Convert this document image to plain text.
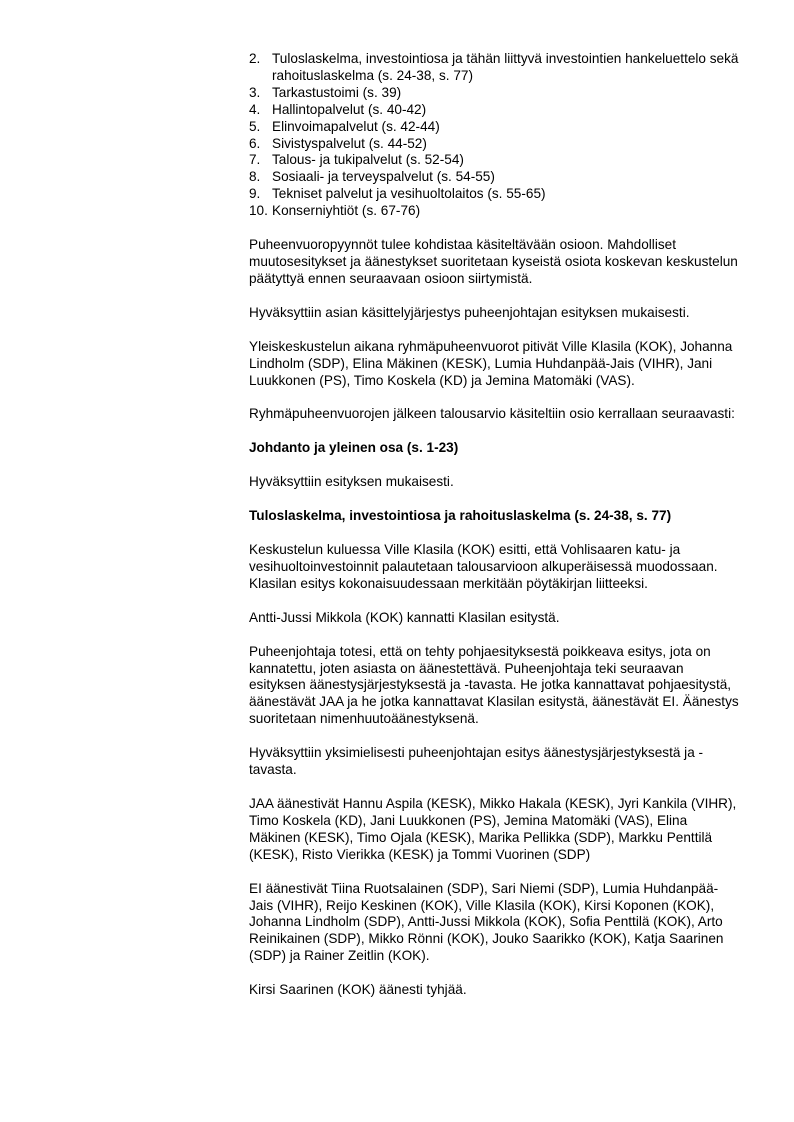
2. Tuloslaskelma, investointiosa ja tähän liittyvä investointien hankeluettelo sekä rahoituslaskelma (s. 24-38, s. 77)
3. Tarkastustoimi (s. 39)
4. Hallintopalvelut (s. 40-42)
5. Elinvoimapalvelut (s. 42-44)
6. Sivistyspalvelut (s. 44-52)
7. Talous- ja tukipalvelut (s. 52-54)
8. Sosiaali- ja terveyspalvelut (s. 54-55)
9. Tekniset palvelut ja vesihuoltolaitos (s. 55-65)
10. Konserniyhtiöt (s. 67-76)

Puheenvuoropyynnöt tulee kohdistaa käsiteltävään osioon. Mahdolliset muutosesitykset ja äänestykset suoritetaan kyseistä osiota koskevan keskustelun päätyttyä ennen seuraavaan osioon siirtymistä.

Hyväksyttiin asian käsittelyjärjestys puheenjohtajan esityksen mukaisesti.

Yleiskeskustelun aikana ryhmäpuheenvuorot pitivät Ville Klasila (KOK), Johanna Lindholm (SDP), Elina Mäkinen (KESK), Lumia Huhdanpää-Jais (VIHR), Jani Luukkonen (PS), Timo Koskela (KD) ja Jemina Matomäki (VAS).

Ryhmäpuheenvuorojen jälkeen talousarvio käsiteltiin osio kerrallaan seuraavasti:

Johdanto ja yleinen osa (s. 1-23)

Hyväksyttiin esityksen mukaisesti.

Tuloslaskelma, investointiosa ja rahoituslaskelma (s. 24-38, s. 77)

Keskustelun kuluessa Ville Klasila (KOK) esitti, että Vohlisaaren katu- ja vesihuoltoinvestoinnit palautetaan talousarvioon alkuperäisessä muodossaan. Klasilan esitys kokonaisuudessaan merkitään pöytäkirjan liitteeksi.

Antti-Jussi Mikkola (KOK) kannatti Klasilan esitystä.

Puheenjohtaja totesi, että on tehty pohjaesityksestä poikkeava esitys, jota on kannatettu, joten asiasta on äänestettävä. Puheenjohtaja teki seuraavan esityksen äänestysjärjestyksestä ja -tavasta. He jotka kannattavat pohjaesitystä, äänestävät JAA ja he jotka kannattavat Klasilan esitystä, äänestävät EI. Äänestys suoritetaan nimenhuutoäänestyksenä.

Hyväksyttiin yksimielisesti puheenjohtajan esitys äänestysjärjestyksestä ja -tavasta.

JAA äänestivät Hannu Aspila (KESK), Mikko Hakala (KESK), Jyri Kankila (VIHR), Timo Koskela (KD), Jani Luukkonen (PS), Jemina Matomäki (VAS), Elina Mäkinen (KESK), Timo Ojala (KESK), Marika Pellikka (SDP), Markku Penttilä (KESK), Risto Vierikka (KESK) ja Tommi Vuorinen (SDP)

EI äänestivät Tiina Ruotsalainen (SDP), Sari Niemi (SDP), Lumia Huhdanpää-Jais (VIHR), Reijo Keskinen (KOK), Ville Klasila (KOK), Kirsi Koponen (KOK), Johanna Lindholm (SDP), Antti-Jussi Mikkola (KOK), Sofia Penttilä (KOK), Arto Reinikainen (SDP), Mikko Rönni (KOK), Jouko Saarikko (KOK), Katja Saarinen (SDP) ja Rainer Zeitlin (KOK).

Kirsi Saarinen (KOK) äänesti tyhjää.
